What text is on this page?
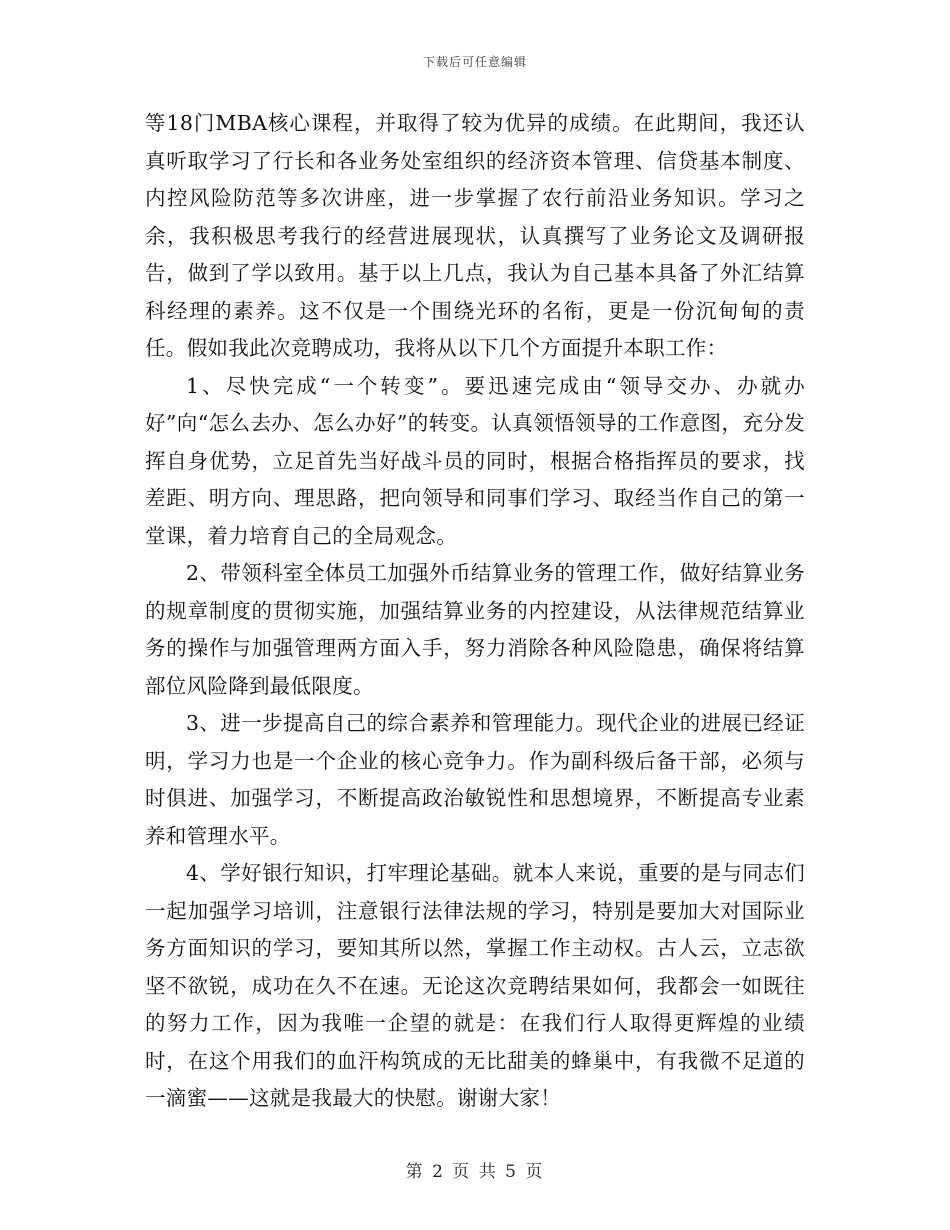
下载后可任意编辑

等18门MBA核心课程，并取得了较为优异的成绩。在此期间，我还认真听取学习了行长和各业务处室组织的经济资本管理、信贷基本制度、内控风险防范等多次讲座，进一步掌握了农行前沿业务知识。学习之余，我积极思考我行的经营进展现状，认真撰写了业务论文及调研报告，做到了学以致用。基于以上几点，我认为自己基本具备了外汇结算科经理的素养。这不仅是一个围绕光环的名衔，更是一份沉甸甸的责任。假如我此次竞聘成功，我将从以下几个方面提升本职工作：

1、尽快完成“一个转变”。要迅速完成由“领导交办、办就办好”向“怎么去办、怎么办好”的转变。认真领悟领导的工作意图，充分发挥自身优势，立足首先当好战斗员的同时，根据合格指挥员的要求，找差距、明方向、理思路，把向领导和同事们学习、取经当作自己的第一堂课，着力培育自己的全局观念。

2、带领科室全体员工加强外币结算业务的管理工作，做好结算业务的规章制度的贯彻实施，加强结算业务的内控建设，从法律规范结算业务的操作与加强管理两方面入手，努力消除各种风险隐患，确保将结算部位风险降到最低限度。

3、进一步提高自己的综合素养和管理能力。现代企业的进展已经证明，学习力也是一个企业的核心竞争力。作为副科级后备干部，必须与时俱进、加强学习，不断提高政治敏锐性和思想境界，不断提高专业素养和管理水平。

4、学好银行知识，打牢理论基础。就本人来说，重要的是与同志们一起加强学习培训，注意银行法律法规的学习，特别是要加大对国际业务方面知识的学习，要知其所以然，掌握工作主动权。古人云，立志欲坚不欲锐，成功在久不在速。无论这次竞聘结果如何，我都会一如既往的努力工作，因为我唯一企望的就是：在我们行人取得更辉煌的业绩时，在这个用我们的血汗构筑成的无比甜美的蜂巢中，有我微不足道的一滴蜜——这就是我最大的快慰。谢谢大家！

第 2 页 共 5 页
